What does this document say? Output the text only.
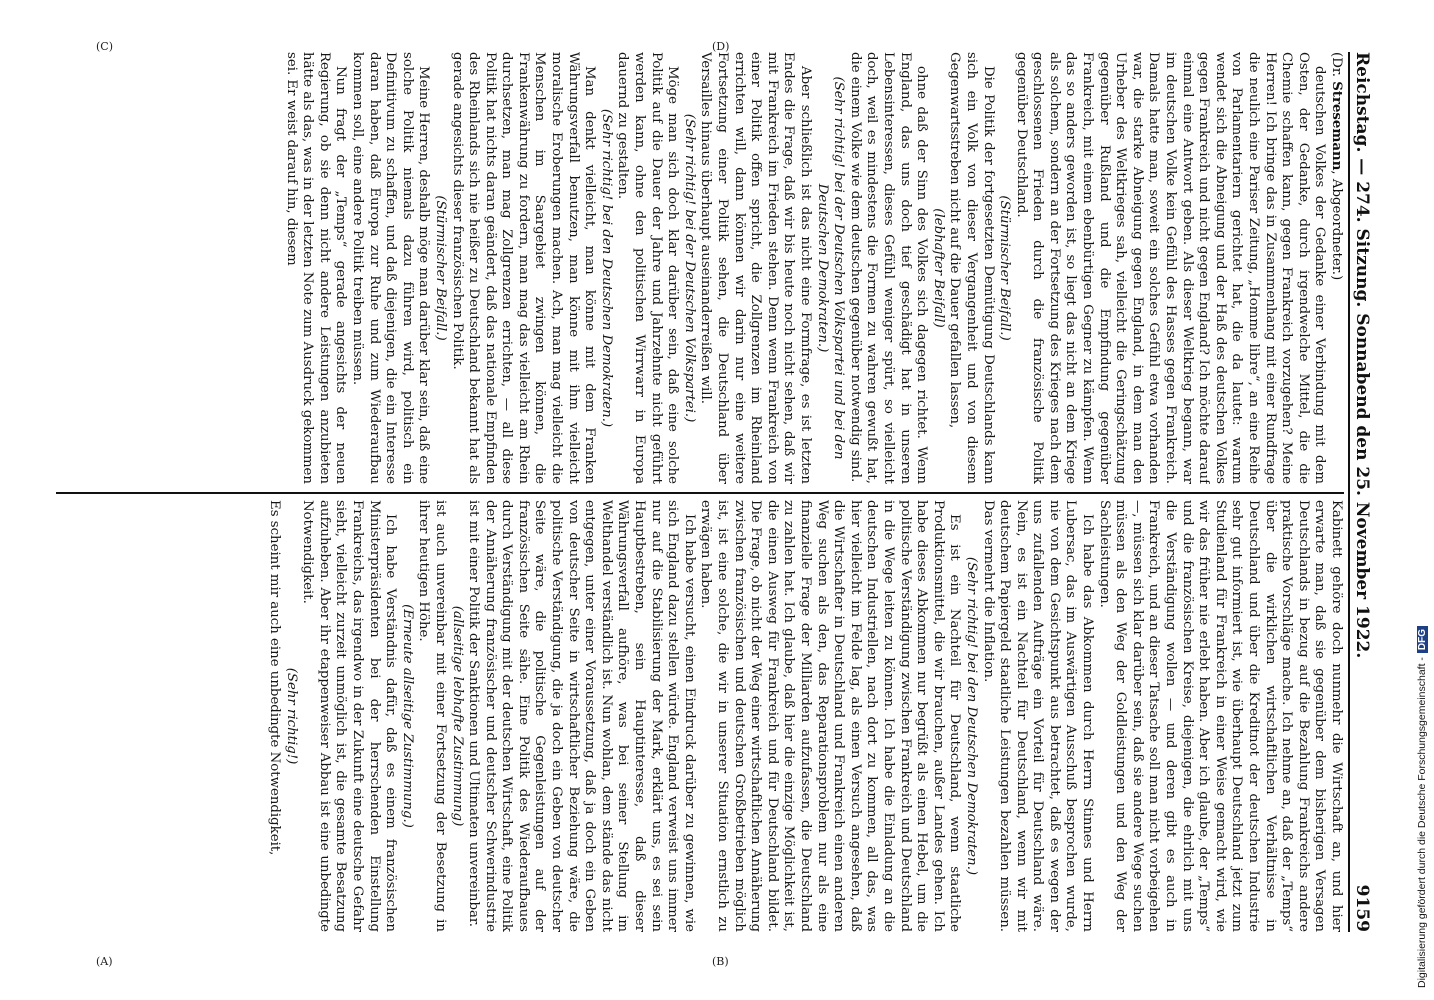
Reichstag. — 274. Sitzung. Sonnabend den 25. November 1922.
9159

(Dr. Stresemann, Abgeordneter.)

deutschen Volkes der Gedanke einer Verbindung mit dem Osten, der Gedanke, durch irgendwelche Mittel, die die Chemie schaffen kann, gegen Frankreich vorzugehen? Meine Herren! Ich bringe das in Zusammenhang mit einer Rundfrage die neulich eine Pariser Zeitung, „Homme libre“, an eine Reihe von Parlamentariern gerichtet hat, die da lautet: warum wendet sich die Abneigung und der Haß des deutschen Volkes gegen Frankreich und nicht gegen England? Ich möchte darauf einmal eine Antwort geben. Als dieser Weltkrieg begann, war im deutschen Volke kein Gefühl des Hasses gegen Frankreich. Damals hatte man, soweit ein solches Gefühl etwa vorhanden war, die starke Abneigung gegen England, in dem man den Urheber des Weltkrieges sah, vielleicht die Geringschätzung gegenüber Rußland und die Empfindung gegenüber Frankreich, mit einem ebenbürtigen Gegner zu kämpfen. Wenn das so anders geworden ist, so liegt das nicht an dem Kriege als solchem, sondern an der Fortsetzung des Krieges nach dem geschlossenen Frieden durch die französische Politik gegenüber Deutschland.

(Stürmischer Beifall.)

Die Politik der fortgesetzten Demütigung Deutschlands kann sich ein Volk von dieser Vergangenheit und von diesem Gegenwartsstreben nicht auf die Dauer gefallen lassen,

(lebhafter Beifall)

ohne daß der Sinn des Volkes sich dagegen richtet. Wenn England, das uns doch tief geschädigt hat in unseren Lebensinteressen, dieses Gefühl weniger spürt, so vielleicht doch, weil es mindestens die Formen zu wahren gewußt hat, die einem Volke wie dem deutschen gegenüber notwendig sind.

(Sehr richtig! bei der Deutschen Volkspartei und bei den Deutschen Demokraten.)

Aber schließlich ist das nicht eine Formfrage, es ist letzten Endes die Frage, daß wir bis heute noch nicht sehen, daß wir mit Frankreich im Frieden stehen. Denn wenn Frankreich von einer Politik offen spricht, die Zollgrenzen im Rheinland errichten will, dann können wir darin nur eine weitere Fortsetzung einer Politik sehen, die Deutschland über Versailles hinaus überhaupt auseinanderreißen will.

(Sehr richtig! bei der Deutschen Volkspartei.)

Möge man sich doch klar darüber sein, daß eine solche Politik auf die Dauer der Jahre und Jahrzehnte nicht geführt werden kann, ohne den politischen Wirrwarr in Europa dauernd zu gestalten.

(Sehr richtig! bei den Deutschen Demokraten.)

Man denkt vielleicht, man könne mit dem Franken Währungsverfall benutzen, man könne mit ihm vielleicht moralische Eroberungen machen. Ach, man mag vielleicht die Menschen im Saargebiet zwingen können, die Frankenwährung zu fordern, man mag das vielleicht am Rhein durchsetzen, man mag Zollgrenzen errichten, — all diese Politik hat nichts daran geändert, daß das nationale Empfinden des Rheinlands sich nie heißer zu Deutschland bekannt hat als gerade angesichts dieser französischen Politik.

(Stürmischer Beifall.)

Meine Herren, deshalb möge man darüber klar sein, daß eine solche Politik niemals dazu führen wird, politisch ein Definitivum zu schaffen, und daß diejenigen, die ein Interesse daran haben, daß Europa zur Ruhe und zum Wiederaufbau kommen soll, eine andere Politik treiben müssen.

Nun fragt der „Temps“ gerade angesichts der neuen Regierung, ob sie denn nicht andere Leistungen anzubieten hätte als das, was in der letzten Note zum Ausdruck gekommen sei. Er weist darauf hin, diesem

Kabinett gehöre doch nunmehr die Wirtschaft an, und hier erwarte man, daß sie gegenüber dem bisherigen Versagen Deutschlands in bezug auf die Bezahlung Frankreichs andere praktische Vorschläge mache. Ich nehme an, daß der „Temps“ über die wirklichen wirtschaftlichen Verhältnisse in Deutschland und über die Kreditnot der deutschen Industrie sehr gut informiert ist, wie überhaupt Deutschland jetzt zum Studienland für Frankreich in einer Weise gemacht wird, wie wir das früher nie erlebt haben. Aber ich glaube, der „Temps“ und die französischen Kreise, diejenigen, die ehrlich mit uns die Verständigung wollen — und deren gibt es auch in Frankreich, und an dieser Tatsache soll man nicht vorbeigehen —, müssen sich klar darüber sein, daß sie andere Wege suchen müssen als den Weg der Goldleistungen und den Weg der Sachleistungen.

Ich habe das Abkommen durch Herrn Stinnes und Herrn Lubersac, das im Auswärtigen Ausschuß besprochen wurde, nie von dem Gesichtspunkt aus betrachtet, daß es wegen der uns zufallenden Aufträge ein Vorteil für Deutschland wäre. Nein, es ist ein Nachteil für Deutschland, wenn wir mit deutschem Papiergeld staatliche Leistungen bezahlen müssen. Das vermehrt die Inflation.

(Sehr richtig! bei den Deutschen Demokraten.)

Es ist ein Nachteil für Deutschland, wenn staatliche Produktionsmittel, die wir brauchen, außer Landes gehen. Ich habe dieses Abkommen nur begrüßt als einen Hebel, um die politische Verständigung zwischen Frankreich und Deutschland in die Wege leiten zu können. Ich habe die Einladung an die deutschen Industriellen, nach dort zu kommen, all das, was hier vielleicht im Felde lag, als einen Versuch angesehen, daß die Wirtschafter in Deutschland und Frankreich einen anderen Weg suchen als den, das Reparationsproblem nur als eine finanzielle Frage der Milliarden aufzufassen, die Deutschland zu zahlen hat. Ich glaube, daß hier die einzige Möglichkeit ist, die einen Ausweg für Frankreich und für Deutschland bildet. Die Frage, ob nicht der Weg einer wirtschaftlichen Annäherung zwischen französischen und deutschen Großbetrieben möglich ist, ist eine solche, die wir in unserer Situation ernstlich zu erwägen haben.

Ich habe versucht, einen Eindruck darüber zu gewinnen, wie sich England dazu stellen würde. England verweist uns immer nur auf die Stabilisierung der Mark, erklärt uns, es sei sein Hauptbestreben, sein Hauptinteresse, daß dieser Währungsverfall aufhöre, was bei seiner Stellung im Welthandel verständlich ist. Nun wohlan, dem stände das nicht entgegen, unter einer Voraussetzung, daß ja doch ein Geben von deutscher Seite in wirtschaftlicher Beziehung wäre, die politische Verständigung, die ja doch ein Geben von deutscher Seite wäre, die politische Gegenleistungen auf der französischen Seite sähe. Eine Politik des Wiederaufbaues durch Verständigung mit der deutschen Wirtschaft, eine Politik der Annäherung französischer und deutscher Schwerindustrie ist mit einer Politik der Sanktionen und Ultimaten unvereinbar.

(allseitige lebhafte Zustimmung)

ist auch unvereinbar mit einer Fortsetzung der Besetzung in ihrer heutigen Höhe.

(Erneute allseitige Zustimmung.)

Ich habe Verständnis dafür, daß es einem französischen Ministerpräsidenten bei der herrschenden Einstellung Frankreichs, das irgendwo in der Zukunft eine deutsche Gefahr sieht, vielleicht zurzeit unmöglich ist, die gesamte Besatzung aufzuheben. Aber ihr etappenweiser Abbau ist eine unbedingte Notwendigkeit.

(Sehr richtig!)

Es scheint mir auch eine unbedingte Notwendigkeit,

(A)	(B)
(C)	(D)
Digitalisierung gefördert durch die Deutsche Forschungsgemeinschaft -DFG
